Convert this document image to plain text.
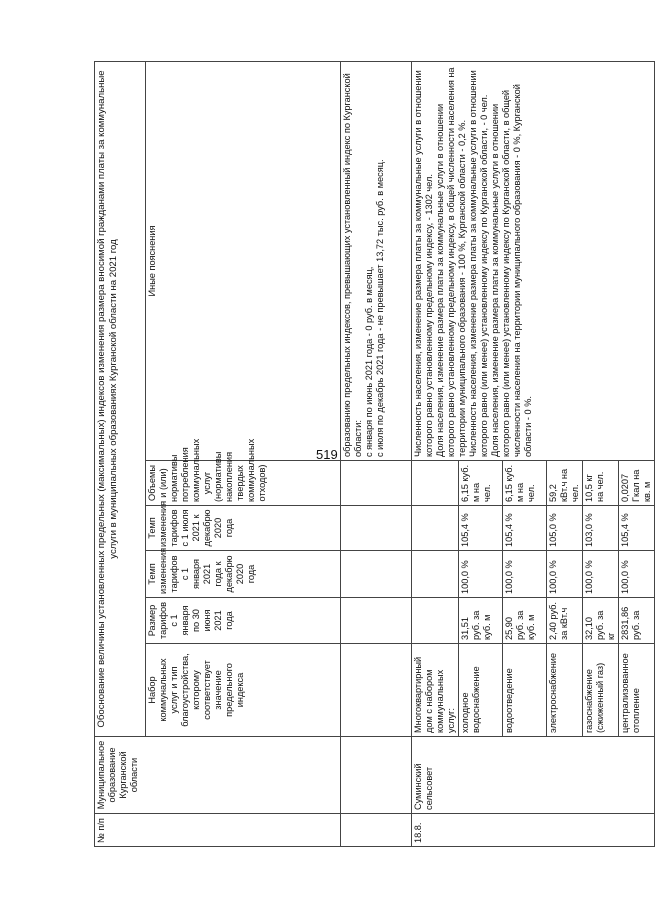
519
№ п/п	Муниципальное образование Курганской области	Обоснование величины установленных предельных (максимальных) индексов изменения размера вносимой гражданами платы за коммунальные услуги в муниципальных образованиях Курганской области на 2021 год					
		Набор коммунальных услуг и тип благоустройства, которому соответствует значение предельного индекса	Размер тарифов с 1 января по 30 июня 2021 года	Темп изменения тарифов с 1 января 2021 года к декабрю 2020 года	Темп изменения тарифов с 1 июля 2021 к декабрю 2020 года	Объемы и (или) нормативы потребления коммунальных услуг (нормативы накопления твердых коммунальных отходов)	Иные пояснения
							образованию предельных индексов, превышающих установленный индекс по Курганской области:
с января по июнь 2021 года - 0 руб. в месяц,
с июля по декабрь 2021 года - не превышает 13,72 тыс. руб. в месяц.
18.8.	Суминский сельсовет	Многоквартирный дом с набором коммунальных услуг:					Численность населения, изменение размера платы за коммунальные услуги в отношении которого равно установленному предельному индексу, - 1302 чел.
Доля населения, изменение размера платы за коммунальные услуги в отношении которого равно установленному предельному индексу, в общей численности населения на территории муниципального образования - 100 %, Курганской области - 0,2 %.
Численность населения, изменение размера платы за коммунальные услуги в отношении которого равно (или менее) установленному индексу по Курганской области, - 0 чел.
Доля населения, изменение размера платы за коммунальные услуги в отношении которого равно (или менее) установленному индексу по Курганской области, в общей численности населения на территории муниципального образования - 0 %, Курганской области - 0 %.
		холодное водоснабжение	31,51 руб. за куб. м	100,0 %	105,4 %	6,15 куб. м на чел.	
		водоотведение	25,90 руб. за куб. м	100,0 %	105,4 %	6,15 куб. м на чел.	
		электроснабжение	2,40 руб. за кВт.ч	100,0 %	105,0 %	59,2 кВт.ч на чел.	
		газоснабжение (сжиженный газ)	32,10 руб. за кг	100,0 %	103,0 %	10,5 кг на чел.	
		централизованное отопление	2831,86 руб. за	100,0 %	105,4 %	0,0207 Гкал на кв. м	
